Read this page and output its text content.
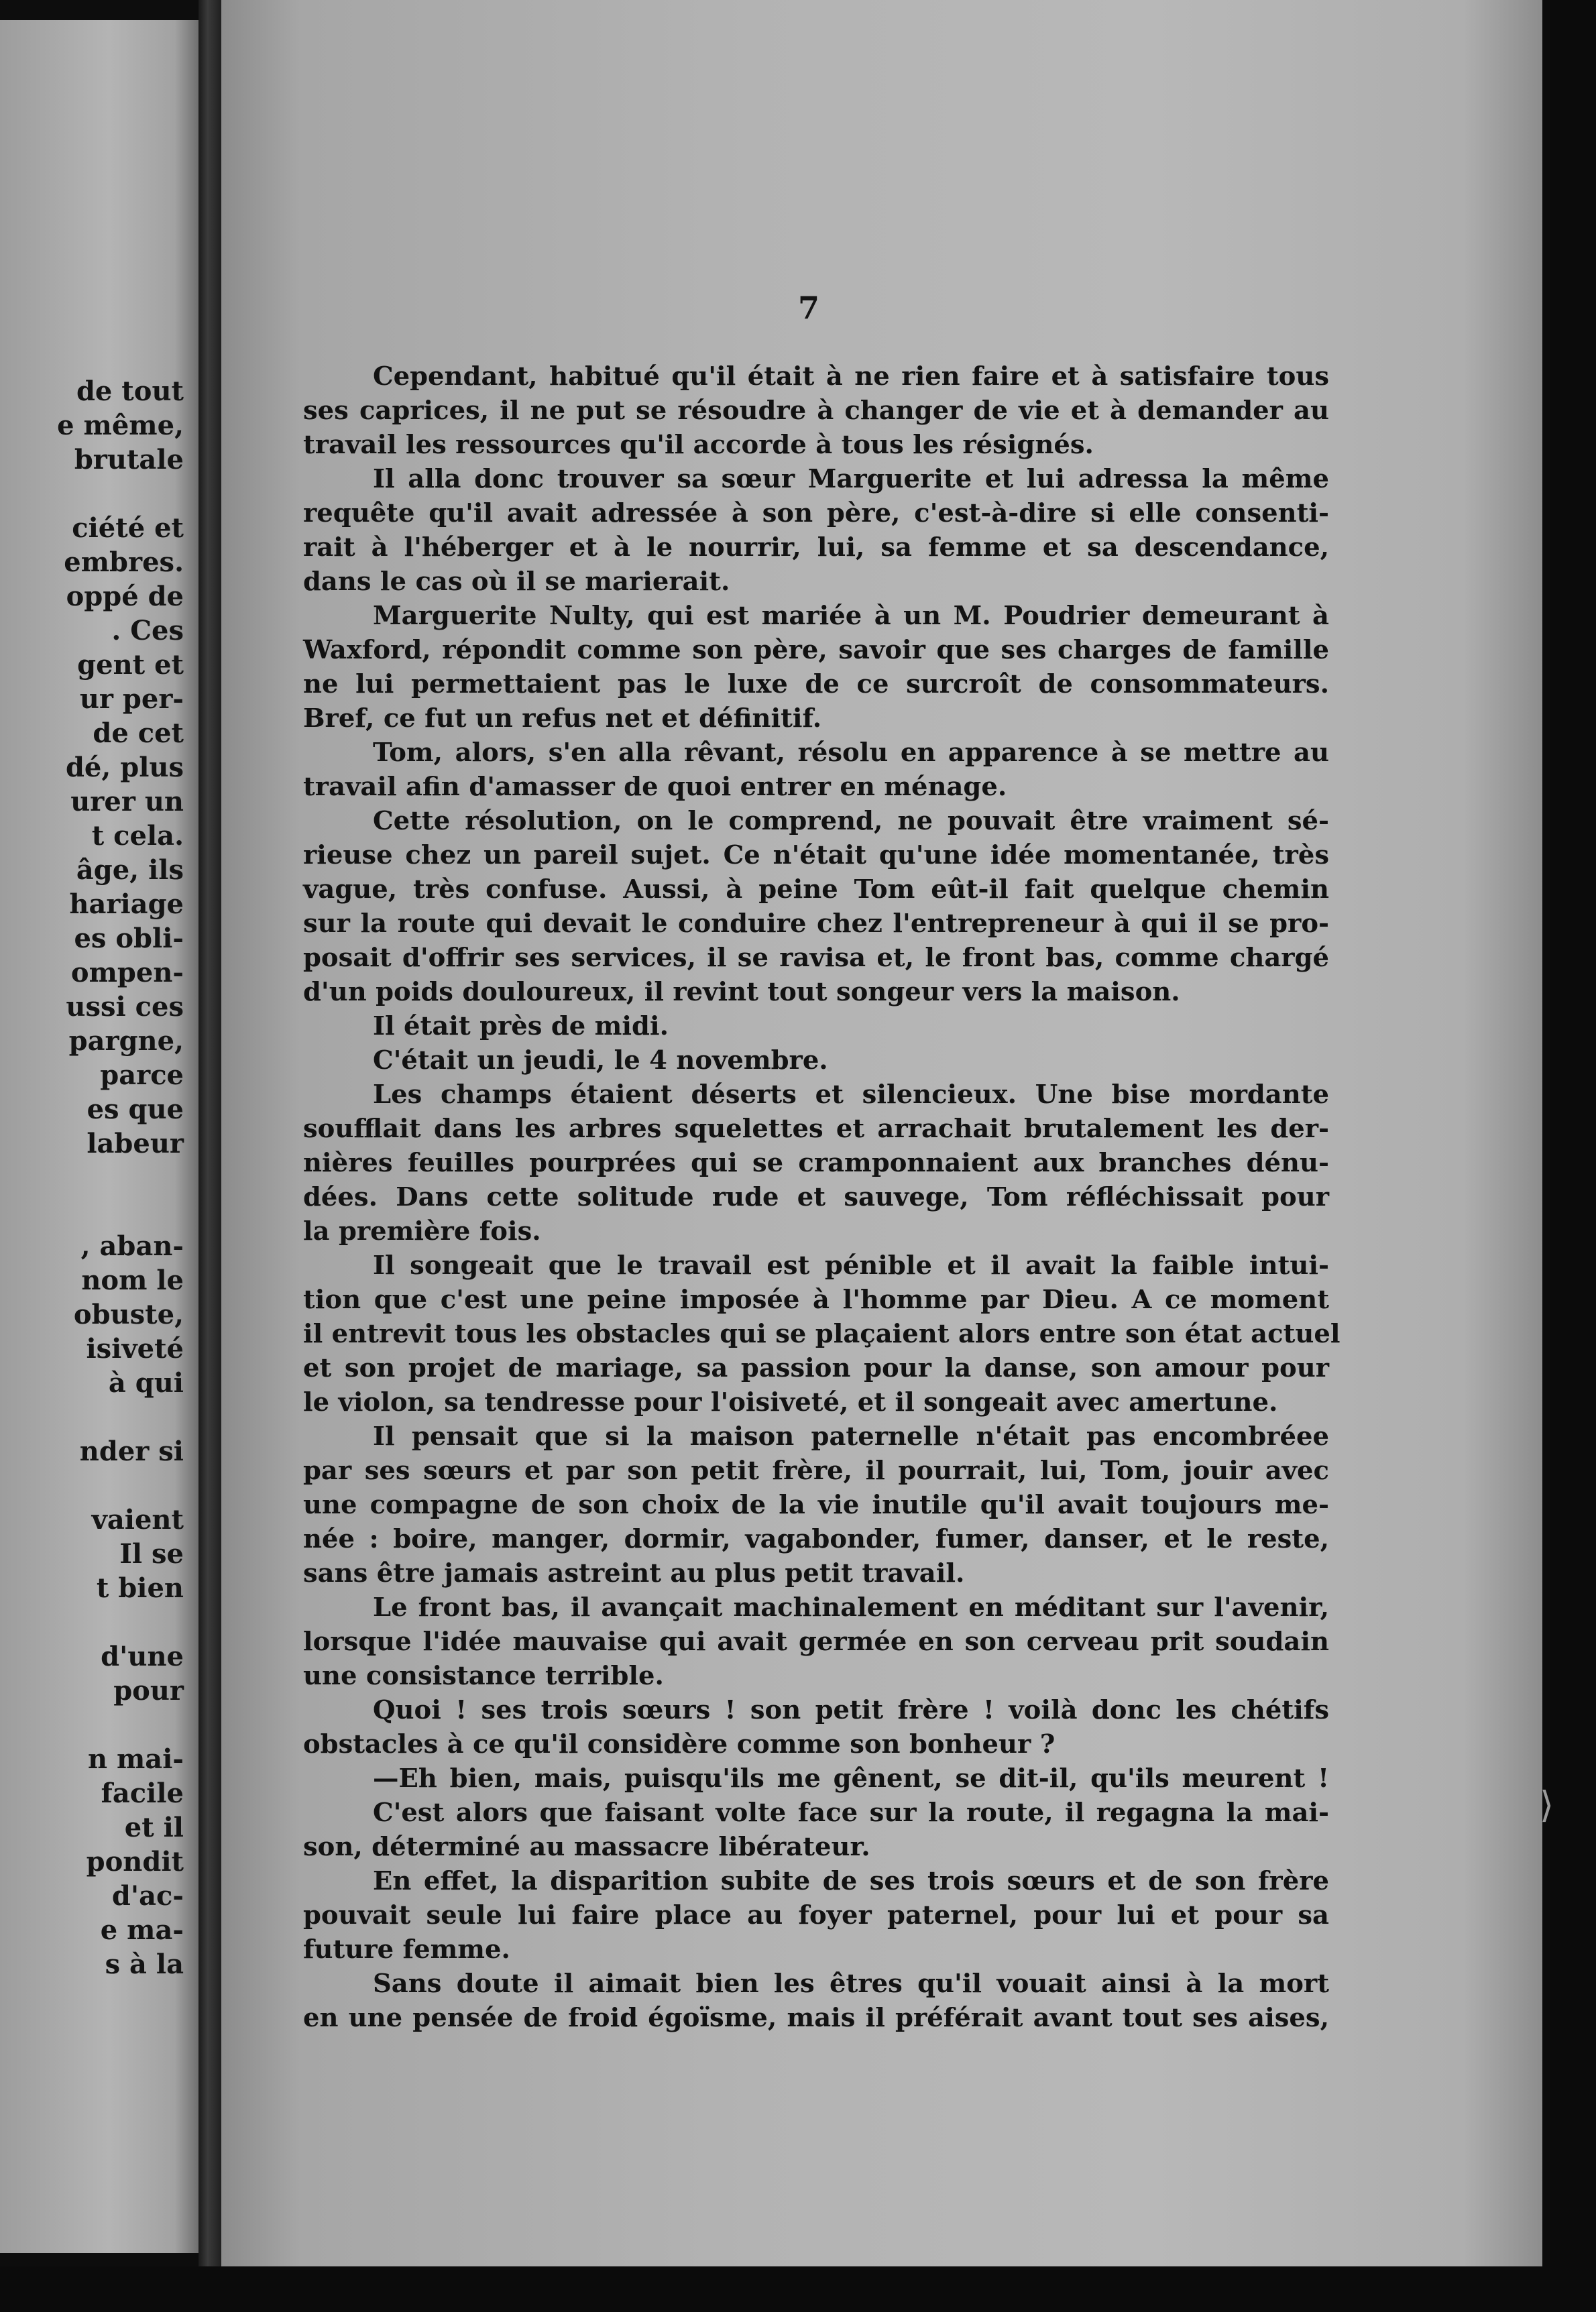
de tout
e même,
brutale
ciété et
embres.
oppé de
. Ces
gent et
ur per-
de cet
dé, plus
urer un
t cela.
âge, ils
hariage
es obli-
ompen-
ussi ces
pargne,
parce
es que
labeur
, aban-
nom le
obuste,
isiveté
à qui
nder si
vaient
Il se
t bien
d'une
pour
n mai-
facile
et il
pondit
d'ac-
e ma-
s à la
7
Cependant, habitué qu'il était à ne rien faire et à satisfaire tous
ses caprices, il ne put se résoudre à changer de vie et à demander au
travail les ressources qu'il accorde à tous les résignés.
Il alla donc trouver sa sœur Marguerite et lui adressa la même
requête qu'il avait adressée à son père, c'est-à-dire si elle consenti-
rait à l'héberger et à le nourrir, lui, sa femme et sa descendance,
dans le cas où il se marierait.
Marguerite Nulty, qui est mariée à un M. Poudrier demeurant à
Waxford, répondit comme son père, savoir que ses charges de famille
ne lui permettaient pas le luxe de ce surcroît de consommateurs.
Bref, ce fut un refus net et définitif.
Tom, alors, s'en alla rêvant, résolu en apparence à se mettre au
travail afin d'amasser de quoi entrer en ménage.
Cette résolution, on le comprend, ne pouvait être vraiment sé-
rieuse chez un pareil sujet. Ce n'était qu'une idée momentanée, très
vague, très confuse. Aussi, à peine Tom eût-il fait quelque chemin
sur la route qui devait le conduire chez l'entrepreneur à qui il se pro-
posait d'offrir ses services, il se ravisa et, le front bas, comme chargé
d'un poids douloureux, il revint tout songeur vers la maison.
Il était près de midi.
C'était un jeudi, le 4 novembre.
Les champs étaient déserts et silencieux. Une bise mordante
soufflait dans les arbres squelettes et arrachait brutalement les der-
nières feuilles pourprées qui se cramponnaient aux branches dénu-
dées. Dans cette solitude rude et sauvege, Tom réfléchissait pour
la première fois.
Il songeait que le travail est pénible et il avait la faible intui-
tion que c'est une peine imposée à l'homme par Dieu. A ce moment
il entrevit tous les obstacles qui se plaçaient alors entre son état actuel
et son projet de mariage, sa passion pour la danse, son amour pour
le violon, sa tendresse pour l'oisiveté, et il songeait avec amertune.
Il pensait que si la maison paternelle n'était pas encombréee
par ses sœurs et par son petit frère, il pourrait, lui, Tom, jouir avec
une compagne de son choix de la vie inutile qu'il avait toujours me-
née : boire, manger, dormir, vagabonder, fumer, danser, et le reste,
sans être jamais astreint au plus petit travail.
Le front bas, il avançait machinalement en méditant sur l'avenir,
lorsque l'idée mauvaise qui avait germée en son cerveau prit soudain
une consistance terrible.
Quoi ! ses trois sœurs ! son petit frère ! voilà donc les chétifs
obstacles à ce qu'il considère comme son bonheur ?
—Eh bien, mais, puisqu'ils me gênent, se dit-il, qu'ils meurent !
C'est alors que faisant volte face sur la route, il regagna la mai-
son, déterminé au massacre libérateur.
En effet, la disparition subite de ses trois sœurs et de son frère
pouvait seule lui faire place au foyer paternel, pour lui et pour sa
future femme.
Sans doute il aimait bien les êtres qu'il vouait ainsi à la mort
en une pensée de froid égoïsme, mais il préférait avant tout ses aises,
⟩
